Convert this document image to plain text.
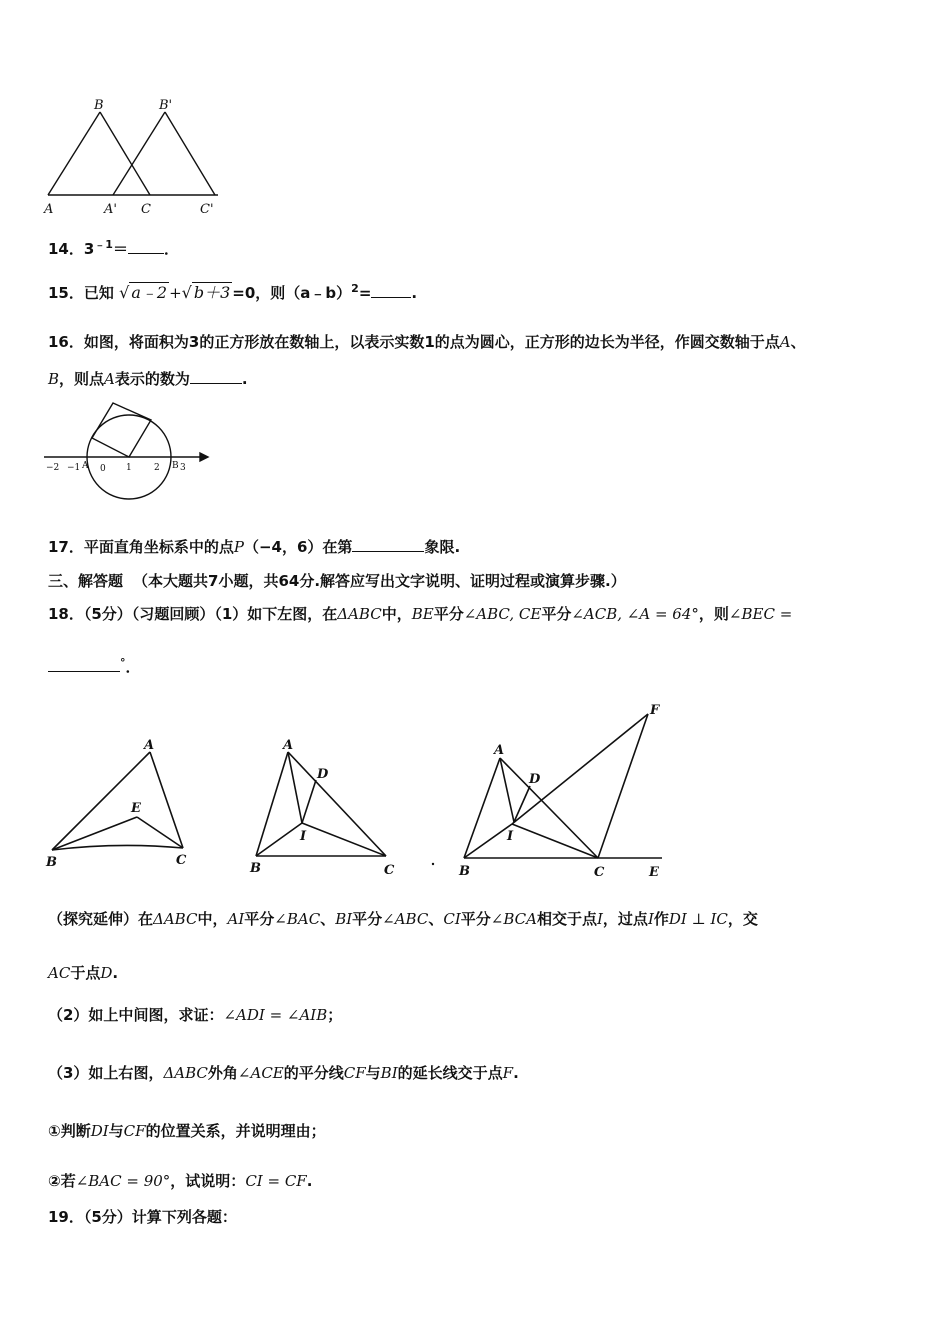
B	B'
A	A' C	C'
14．$3^{﹣1}=$ ．
15．已知 √ a﹣2 +√ b＋3 =0，则（a﹣b）$^2$=	.
16．如图，将面积为3的正方形放在数轴上，以表示实数1的点为圆心，正方形的边长为半径，作圆交数轴于点A、
B，则点A表示的数为	.
−2 −1 A 0 1 2 B 3
17．平面直角坐标系中的点P（−4，6）在第	象限.
三、解答题 （本大题共7小题，共64分.解答应写出文字说明、证明过程或演算步骤.）
18．（5分）（习题回顾）（1）如下左图，在ΔABC中，BE平分∠ABC, CE平分∠ACB, ∠A = 64°，则∠BEC =
°．
A
E
B	C
A
D
I
B	C
F
A
D
I
B	C	E
（探究延伸）在ΔABC中，AI平分∠BAC、BI平分∠ABC、CI平分∠BCA相交于点I，过点I作DI ⊥ IC，交
AC于点D.
（2）如上中间图，求证：∠ADI = ∠AIB；
（3）如上右图，ΔABC外角∠ACE的平分线CF与BI的延长线交于点F.
①判断DI与CF的位置关系，并说明理由；
②若∠BAC = 90°，试说明：CI = CF.
19．（5分）计算下列各题：
